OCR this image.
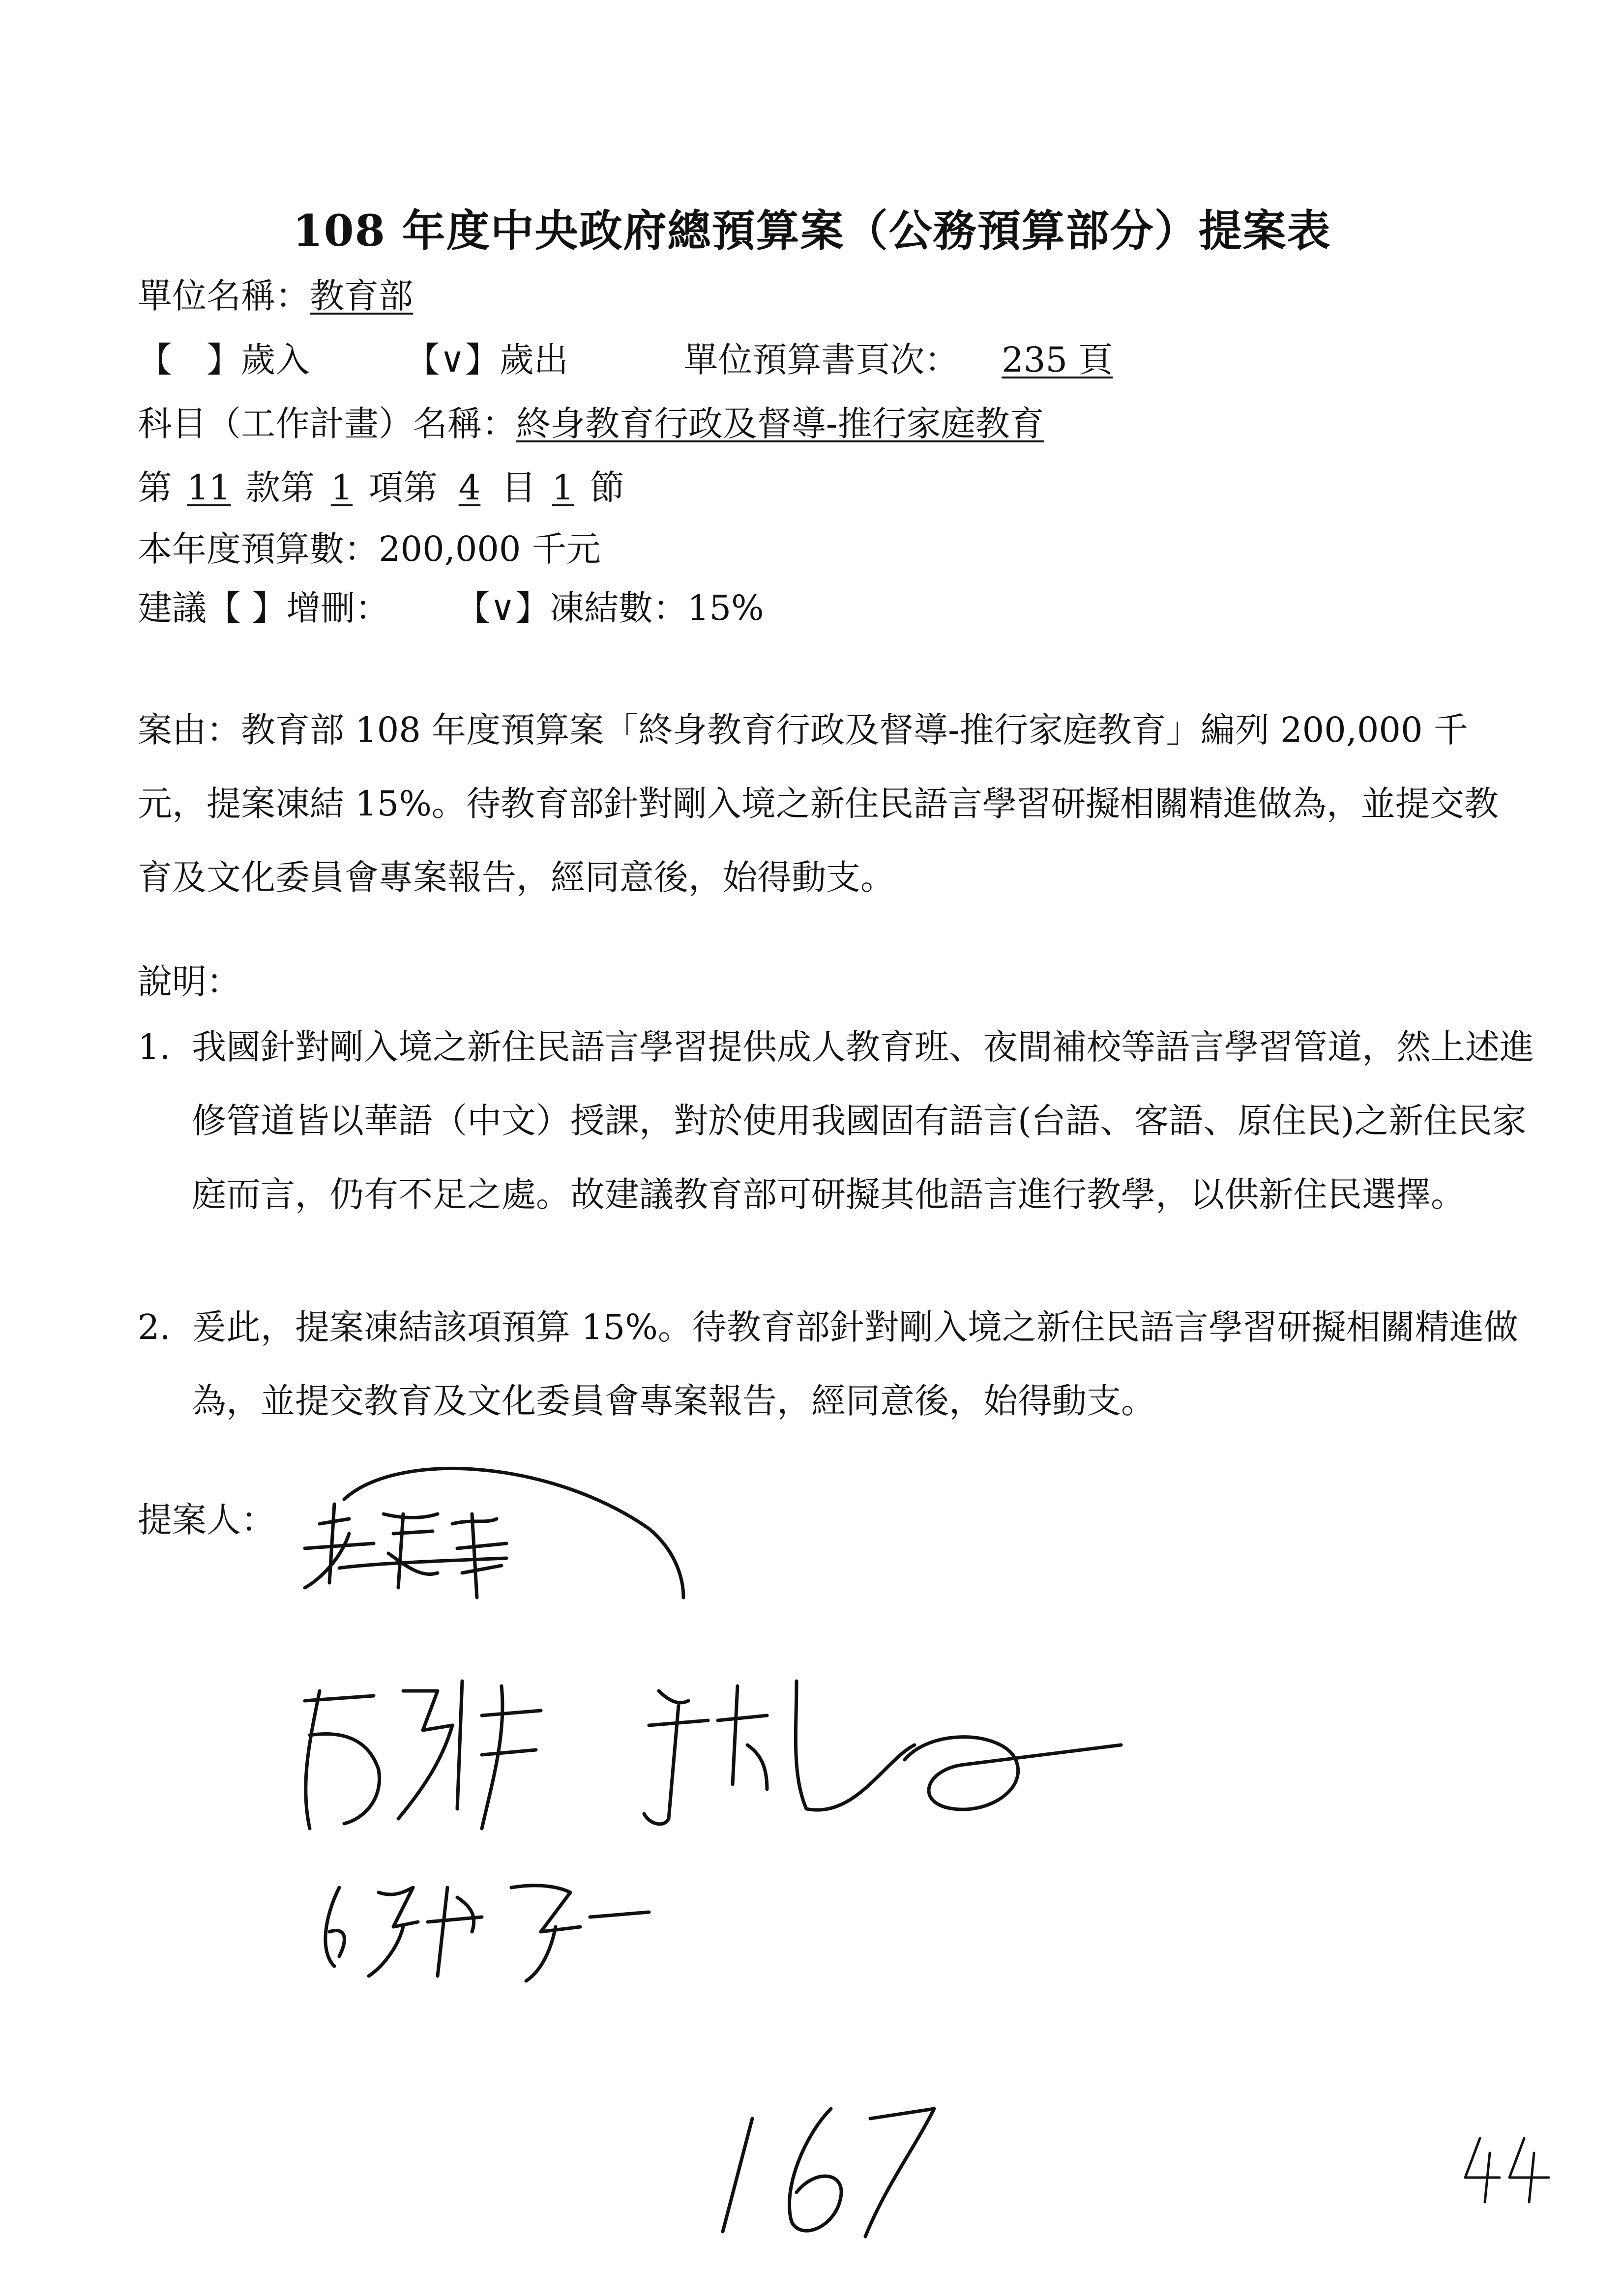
108 年度中央政府總預算案（公務預算部分）提案表
單位名稱：教育部
【　】歲入	【∨】歲出	單位預算書頁次： 235 頁
科目（工作計畫）名稱：終身教育行政及督導-推行家庭教育
第 11 款第 1 項第 4 目 1 節
本年度預算數：200,000 千元
建議【 】增刪： 【∨】凍結數：15%
案由：教育部 108 年度預算案「終身教育行政及督導-推行家庭教育」編列 200,000 千元，提案凍結 15%。待教育部針對剛入境之新住民語言學習研擬相關精進做為，並提交教育及文化委員會專案報告，經同意後，始得動支。
說明：
1. 我國針對剛入境之新住民語言學習提供成人教育班、夜間補校等語言學習管道，然上述進修管道皆以華語（中文）授課，對於使用我國固有語言(台語、客語、原住民)之新住民家庭而言，仍有不足之處。故建議教育部可研擬其他語言進行教學，以供新住民選擇。
2. 爰此，提案凍結該項預算 15%。待教育部針對剛入境之新住民語言學習研擬相關精進做為，並提交教育及文化委員會專案報告，經同意後，始得動支。
提案人：
